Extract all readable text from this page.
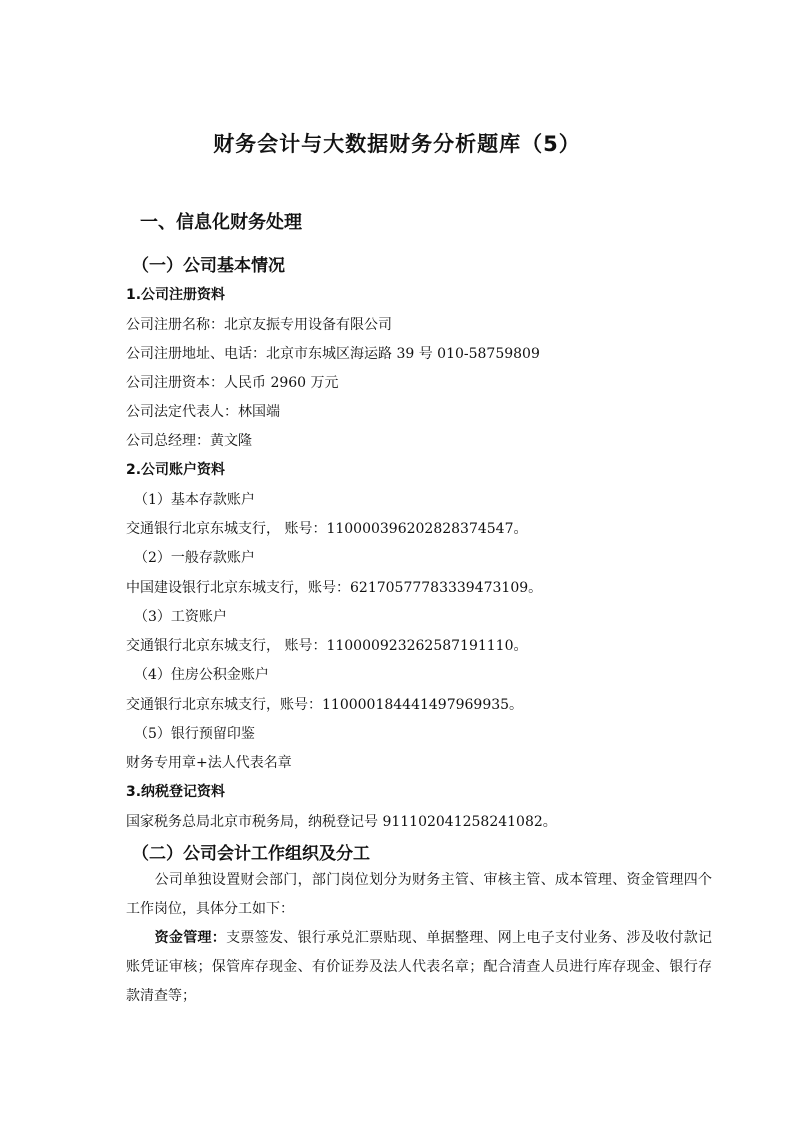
财务会计与大数据财务分析题库（5）
一、信息化财务处理
（一）公司基本情况
1.公司注册资料
公司注册名称：北京友振专用设备有限公司
公司注册地址、电话：北京市东城区海运路 39 号 010-58759809
公司注册资本：人民币 2960 万元
公司法定代表人：林国端
公司总经理：黄文隆
2.公司账户资料
（1）基本存款账户
交通银行北京东城支行， 账号：110000396202828374547。
（2）一般存款账户
中国建设银行北京东城支行，账号：6217057778333947​3109。
（3）工资账户
交通银行北京东城支行， 账号：110000923262587191110。
（4）住房公积金账户
交通银行北京东城支行，账号：110000184441497969935。
（5）银行预留印鉴
财务专用章+法人代表名章
3.纳税登记资料
国家税务总局北京市税务局，纳税登记号 911102041258241082。
（二）公司会计工作组织及分工
　　公司单独设置财会部门，部门岗位划分为财务主管、审核主管、成本管理、资金管理四个工作岗位，具体分工如下：
　　资金管理：支票签发、银行承兑汇票贴现、单据整理、网上电子支付业务、涉及收付款记账凭证审核；保管库存现金、有价证券及法人代表名章；配合清查人员进行库存现金、银行存款清查等；
